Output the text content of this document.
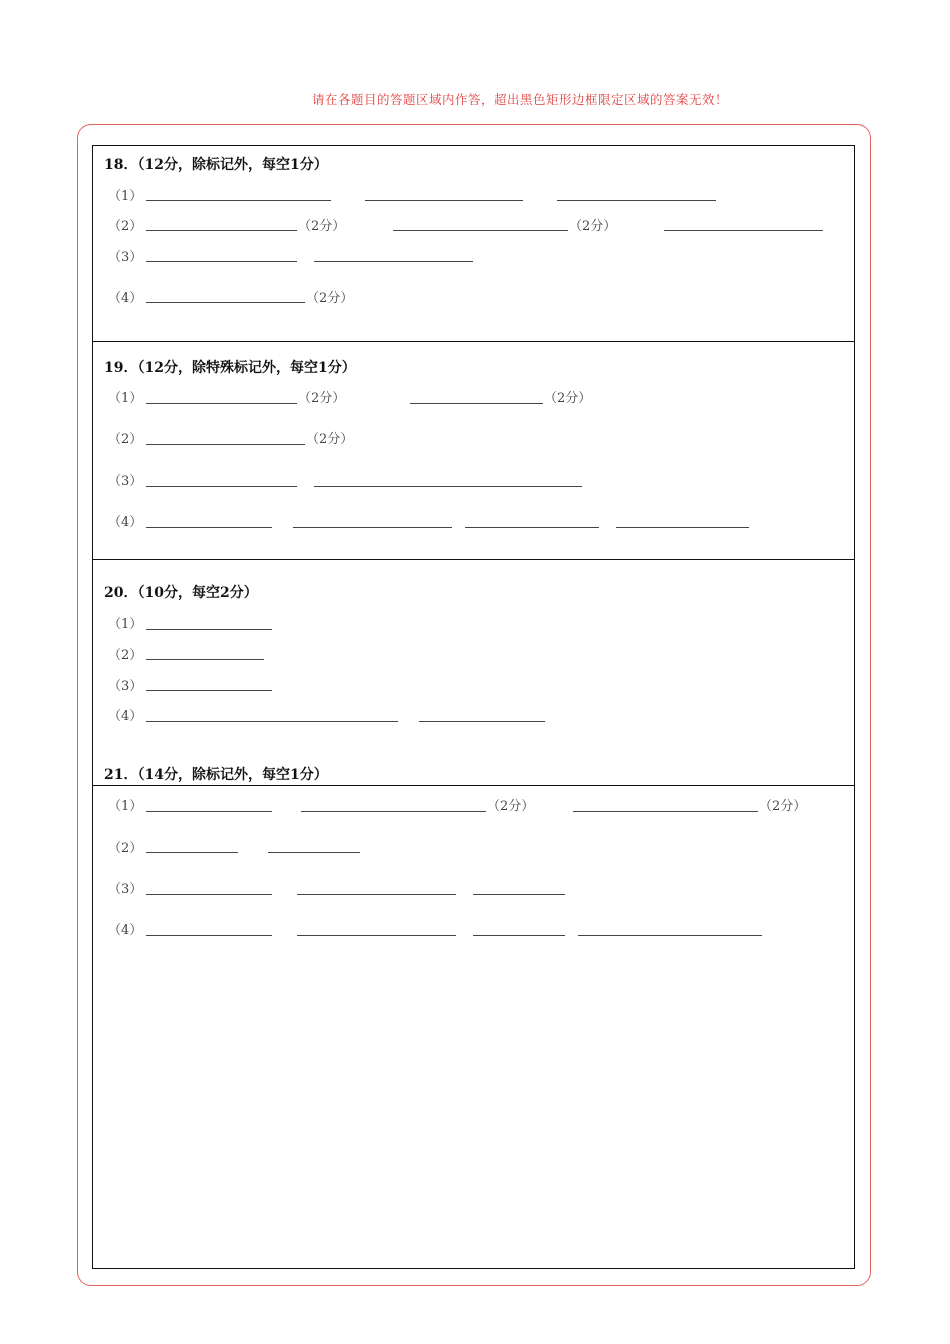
请在各题目的答题区域内作答，超出黑色矩形边框限定区域的答案无效！
18．（12分，除标记外，每空1分）
（1）
（2）	（2分）	（2分）
（3）
（4）	（2分）
19．（12分，除特殊标记外，每空1分）
（1）	（2分）	（2分）
（2）	（2分）
（3）
（4）
20．（10分，每空2分）
（1）
（2）
（3）
（4）
21．（14分，除标记外，每空1分）
（1）	（2分）	（2分）
（2）
（3）
（4）
